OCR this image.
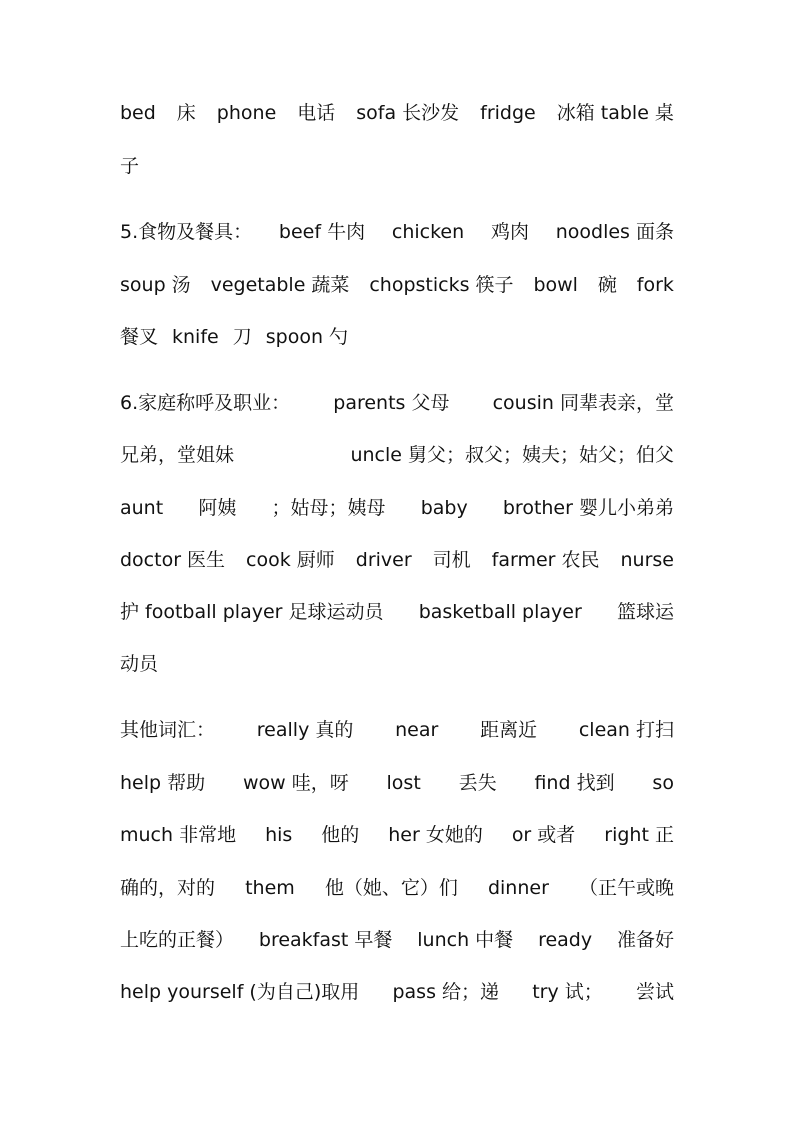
bed 床 phone 电话 sofa 长沙发 fridge 冰箱 table 桌
子
5.食物及餐具： beef 牛肉 chicken 鸡肉 noodles 面条
soup 汤 vegetable 蔬菜 chopsticks 筷子 bowl 碗 fork
餐叉 knife 刀 spoon 勺
6.家庭称呼及职业： parents 父母 cousin 同辈表亲，堂
兄弟，堂姐妹	uncle 舅父；叔父；姨夫；姑父；伯父
aunt 阿姨 ；姑母；姨母 baby brother 婴儿小弟弟
doctor 医生 cook 厨师 driver 司机 farmer 农民 nurse
护 football player 足球运动员 basketball player 篮球运
动员
其他词汇： really 真的 near 距离近 clean 打扫
help 帮助 wow 哇，呀 lost 丢失 find 找到 so
much 非常地 his 他的 her 女她的 or 或者 right 正
确的，对的 them 他（她、它）们 dinner （正午或晚
上吃的正餐） breakfast 早餐 lunch 中餐 ready 准备好
help yourself (为自己)取用 pass 给；递 try 试； 尝试
